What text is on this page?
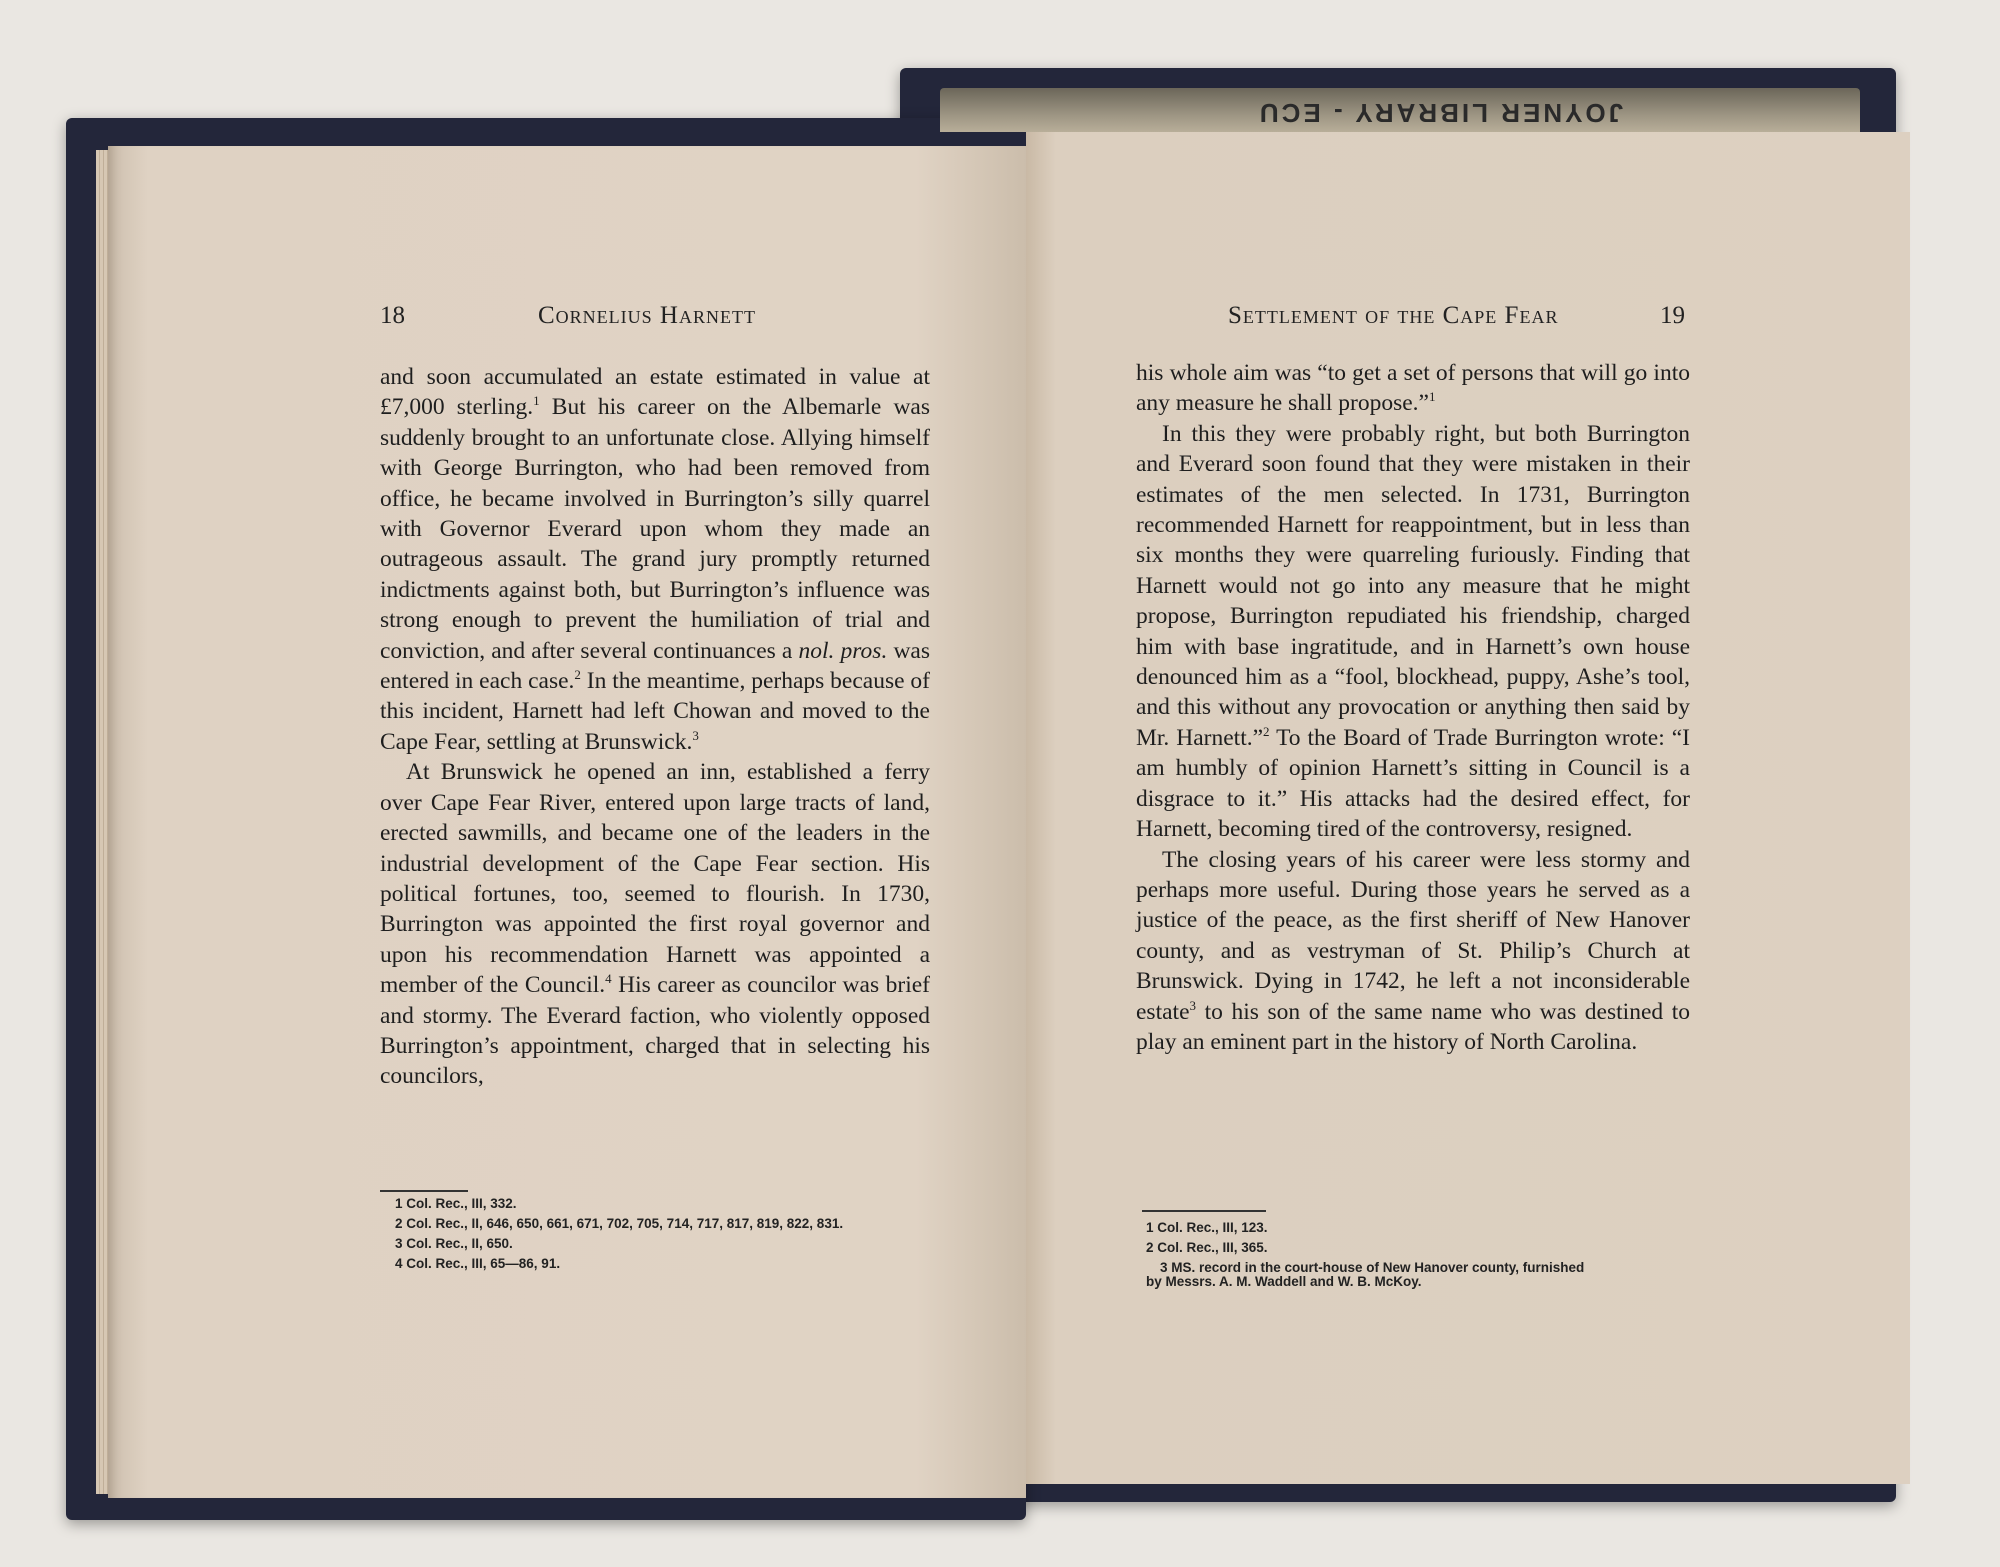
JOYNER LIBRARY - ECU
18	Cornelius Harnett

and soon accumulated an estate estimated in value at £7,000 sterling.$^1$ But his career on the Albemarle was suddenly brought to an unfortunate close. Allying himself with George Burrington, who had been removed from office, he became involved in Burrington’s silly quarrel with Governor Everard upon whom they made an outrageous assault. The grand jury promptly returned indictments against both, but Burrington’s influence was strong enough to prevent the humiliation of trial and conviction, and after several continuances a nol. pros. was entered in each case.$^2$ In the meantime, perhaps because of this incident, Harnett had left Chowan and moved to the Cape Fear, settling at Brunswick.$^3$

At Brunswick he opened an inn, established a ferry over Cape Fear River, entered upon large tracts of land, erected sawmills, and became one of the leaders in the industrial development of the Cape Fear section. His political fortunes, too, seemed to flourish. In 1730, Burrington was appointed the first royal governor and upon his recommendation Harnett was appointed a member of the Council.$^4$ His career as councilor was brief and stormy. The Everard faction, who violently opposed Burrington’s appointment, charged that in selecting his councilors,

1 Col. Rec., III, 332.
2 Col. Rec., II, 646, 650, 661, 671, 702, 705, 714, 717, 817, 819, 822, 831.
3 Col. Rec., II, 650.
4 Col. Rec., III, 65—86, 91.
Settlement of the Cape Fear	19

his whole aim was “to get a set of persons that will go into any measure he shall propose.”$^1$

In this they were probably right, but both Burrington and Everard soon found that they were mistaken in their estimates of the men selected. In 1731, Burrington recommended Harnett for reappointment, but in less than six months they were quarreling furiously. Finding that Harnett would not go into any measure that he might propose, Burrington repudiated his friendship, charged him with base ingratitude, and in Harnett’s own house denounced him as a “fool, blockhead, puppy, Ashe’s tool, and this without any provocation or anything then said by Mr. Harnett.”$^2$ To the Board of Trade Burrington wrote: “I am humbly of opinion Harnett’s sitting in Council is a disgrace to it.” His attacks had the desired effect, for Harnett, becoming tired of the controversy, resigned.

The closing years of his career were less stormy and perhaps more useful. During those years he served as a justice of the peace, as the first sheriff of New Hanover county, and as vestryman of St. Philip’s Church at Brunswick. Dying in 1742, he left a not inconsiderable estate$^3$ to his son of the same name who was destined to play an eminent part in the history of North Carolina.

1 Col. Rec., III, 123.
2 Col. Rec., III, 365.
3 MS. record in the court-house of New Hanover county, furnished
by Messrs. A. M. Waddell and W. B. McKoy.
